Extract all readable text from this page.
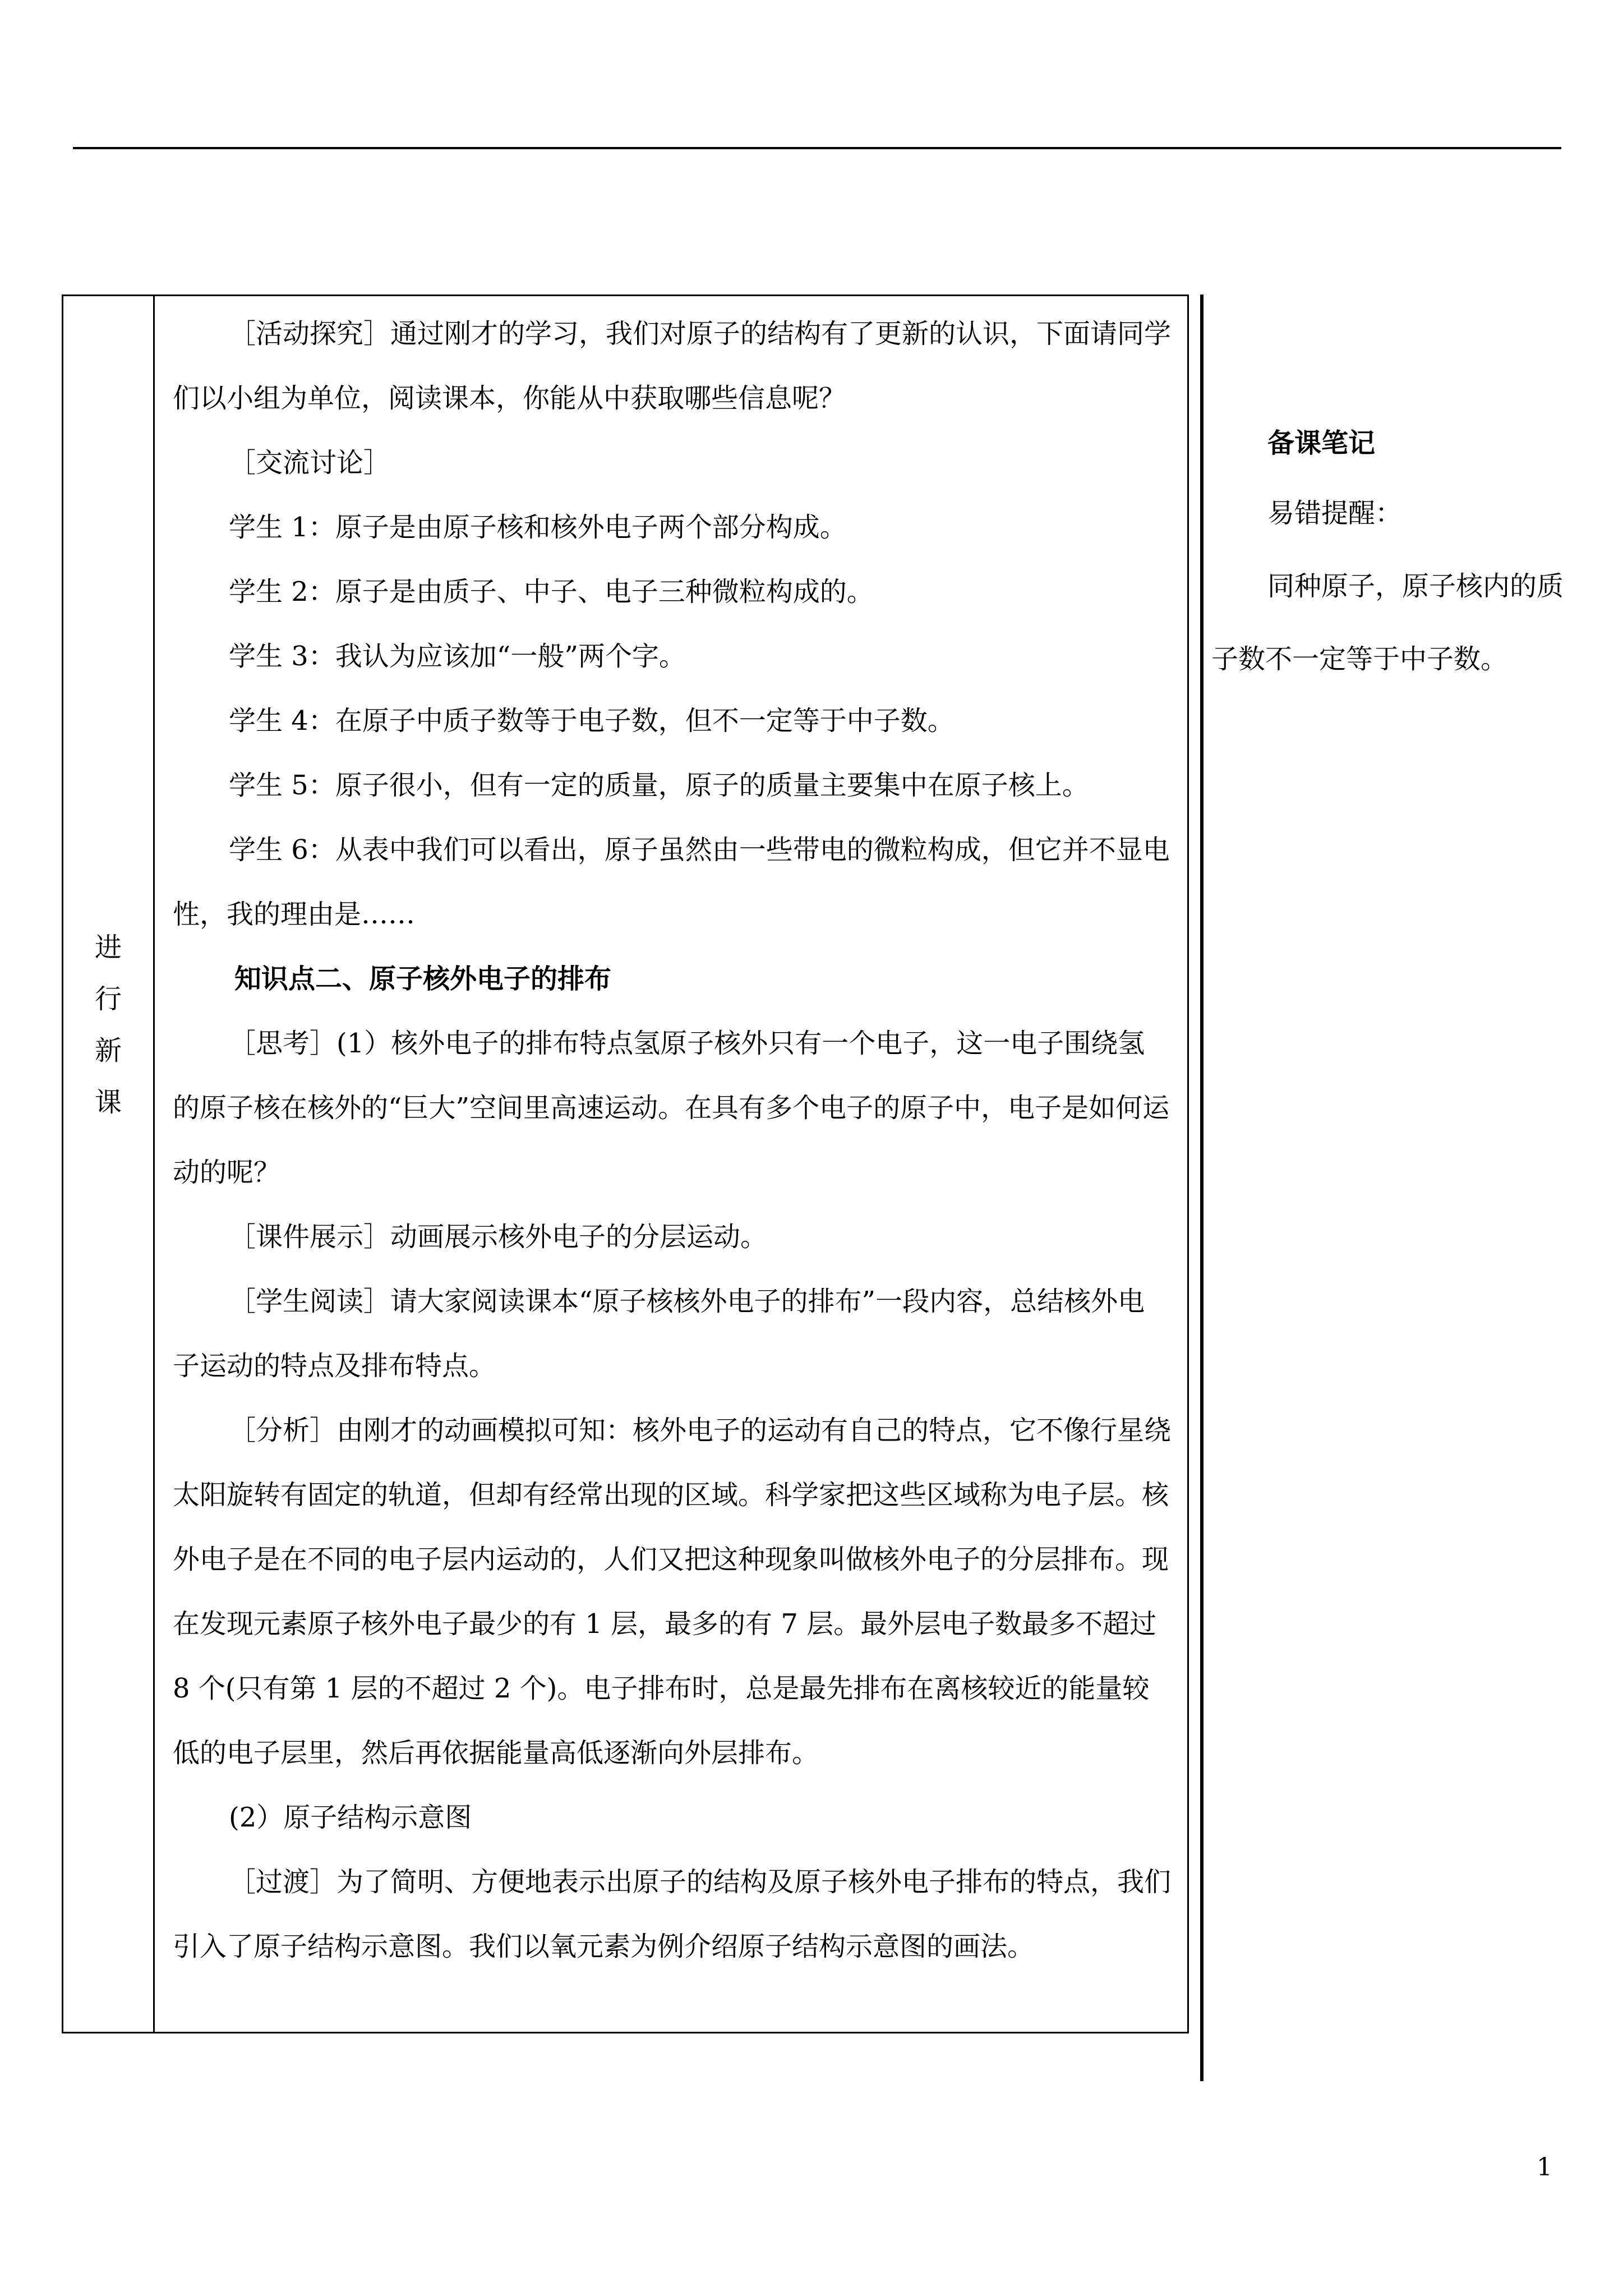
进
行
新
课

［活动探究］通过刚才的学习，我们对原子的结构有了更新的认识，下面请同学们以小组为单位，阅读课本，你能从中获取哪些信息呢？

［交流讨论］

学生 1：原子是由原子核和核外电子两个部分构成。

学生 2：原子是由质子、中子、电子三种微粒构成的。

学生 3：我认为应该加“一般”两个字。

学生 4：在原子中质子数等于电子数，但不一定等于中子数。

学生 5：原子很小，但有一定的质量，原子的质量主要集中在原子核上。

学生 6：从表中我们可以看出，原子虽然由一些带电的微粒构成，但它并不显电性，我的理由是……

知识点二、原子核外电子的排布

［思考］(1）核外电子的排布特点氢原子核外只有一个电子，这一电子围绕氢的原子核在核外的“巨大”空间里高速运动。在具有多个电子的原子中，电子是如何运动的呢？

［课件展示］动画展示核外电子的分层运动。

［学生阅读］请大家阅读课本“原子核核外电子的排布”一段内容，总结核外电子运动的特点及排布特点。

［分析］由刚才的动画模拟可知：核外电子的运动有自己的特点，它不像行星绕太阳旋转有固定的轨道，但却有经常出现的区域。科学家把这些区域称为电子层。核外电子是在不同的电子层内运动的，人们又把这种现象叫做核外电子的分层排布。现在发现元素原子核外电子最少的有 1 层，最多的有 7 层。最外层电子数最多不超过 8 个(只有第 1 层的不超过 2 个)。电子排布时，总是最先排布在离核较近的能量较低的电子层里，然后再依据能量高低逐渐向外层排布。

(2）原子结构示意图

［过渡］为了简明、方便地表示出原子的结构及原子核外电子排布的特点，我们引入了原子结构示意图。我们以氧元素为例介绍原子结构示意图的画法。

备课笔记

易错提醒：

同种原子，原子核内的质子数不一定等于中子数。

1
